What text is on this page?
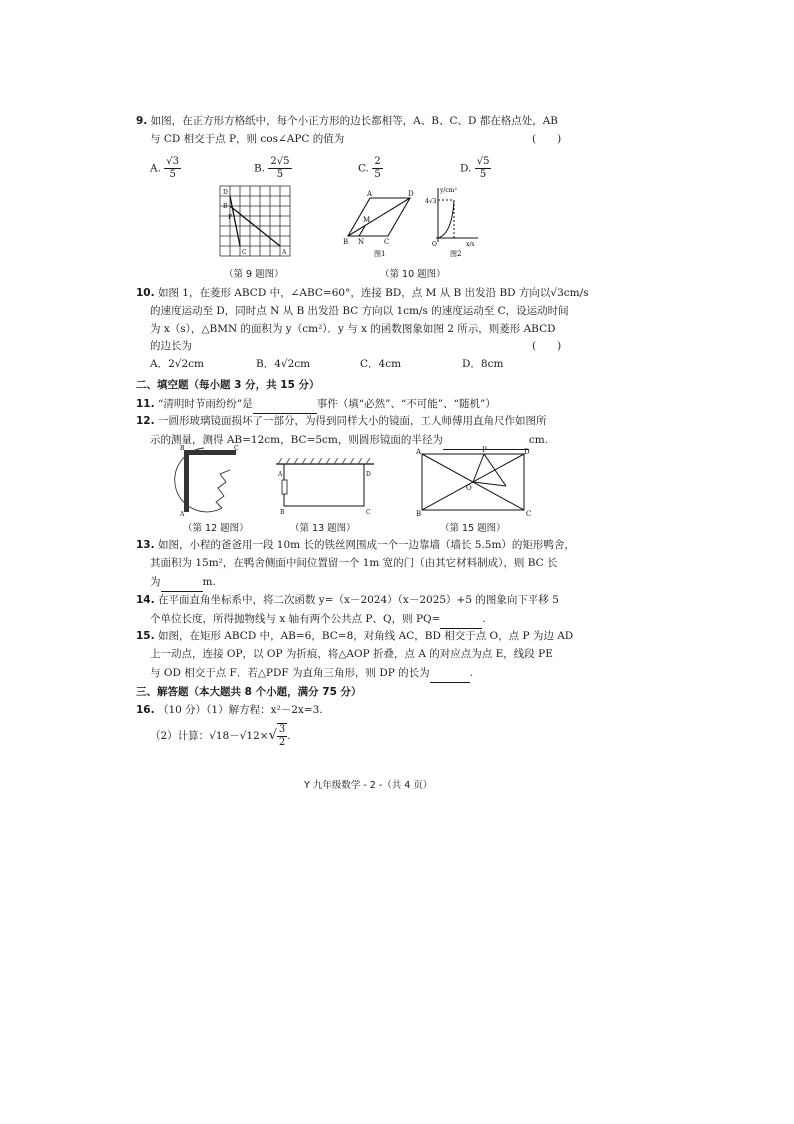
9. 如图，在正方形方格纸中，每个小正方形的边长都相等，A、B、C、D 都在格点处，AB
与 CD 相交于点 P，则 cos∠APC 的值为	(　　)
A. $\frac{√3}{5}$	B. $\frac{2√5}{5}$	C. $\frac{2}{5}$	D. $\frac{√5}{5}$
D
B
P
C	A
（第 9 题图）
A	D
B N	C
M
图1
y/cm²
x/s
4√3
O
图2
（第 10 题图）
10. 如图 1，在菱形 ABCD 中，∠ABC=60°，连接 BD，点 M 从 B 出发沿 BD 方向以√3cm/s
的速度运动至 D，同时点 N 从 B 出发沿 BC 方向以 1cm/s 的速度运动至 C，设运动时间
为 x（s），△BMN 的面积为 y（cm²）．y 与 x 的函数图象如图 2 所示，则菱形 ABCD
的边长为	(　　)
A．2√2cm	B．4√2cm	C．4cm	D．8cm
二、填空题（每小题 3 分，共 15 分）
11. “清明时节雨纷纷”是	事件（填“必然”、“不可能”、“随机”）
12. 一圆形玻璃镜面损坏了一部分，为得到同样大小的镜面，工人师傅用直角尺作如图所
示的测量，测得 AB=12cm，BC=5cm，则圆形镜面的半径为	cm.
B	C
A
（第 12 题图）
A	D
B	C
（第 13 题图）
A	P	D
B	C
O
（第 15 题图）
13. 如图，小程的爸爸用一段 10m 长的铁丝网围成一个一边靠墙（墙长 5.5m）的矩形鸭舍，
其面积为 15m²，在鸭舍侧面中间位置留一个 1m 宽的门（由其它材料制成），则 BC 长
为	m.
14. 在平面直角坐标系中，将二次函数 y=（x－2024）（x－2025）+5 的图象向下平移 5
个单位长度，所得抛物线与 x 轴有两个公共点 P、Q，则 PQ=	.
15. 如图，在矩形 ABCD 中，AB=6，BC=8，对角线 AC，BD 相交于点 O，点 P 为边 AD
上一动点，连接 OP，以 OP 为折痕，将△AOP 折叠，点 A 的对应点为点 E，线段 PE
与 OD 相交于点 F．若△PDF 为直角三角形，则 DP 的长为	.
三、解答题（本大题共 8 个小题，满分 75 分）
16. （10 分）（1）解方程：x²－2x=3.
（2）计算：$√18-√12\times√ \frac{3}{2}$ .
Y 九年级数学 - 2 -（共 4 页）
